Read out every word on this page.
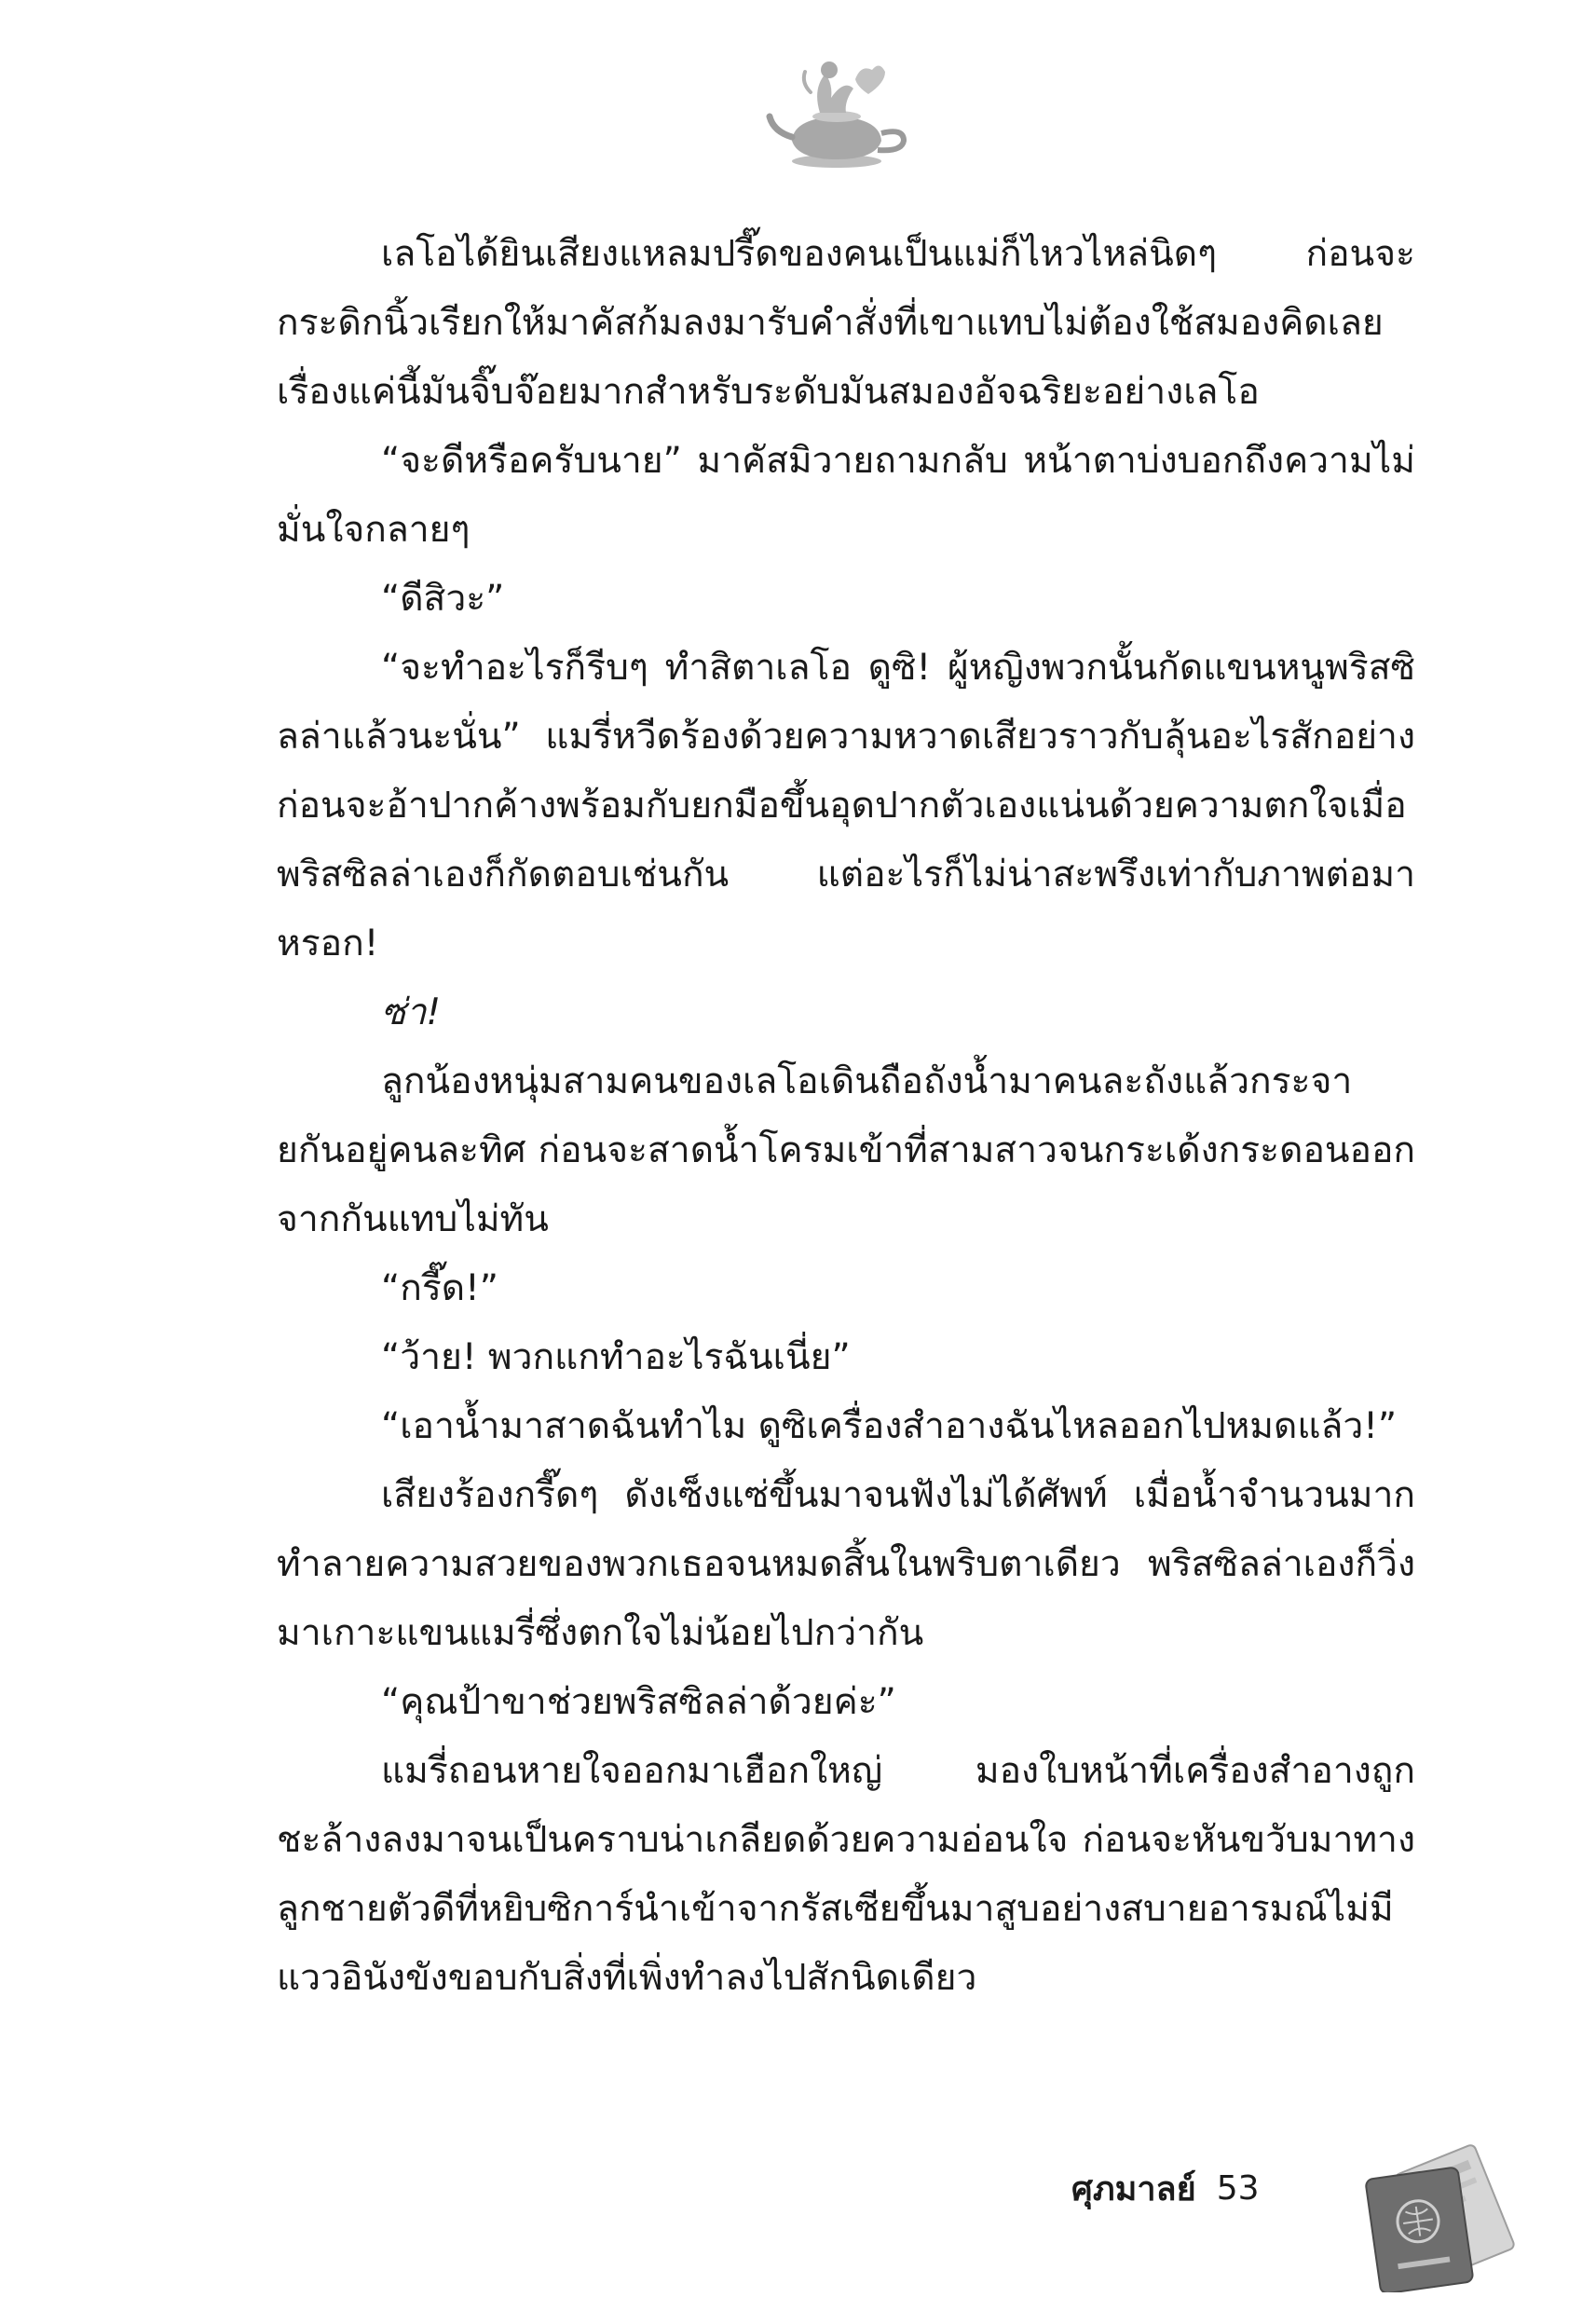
เลโอได้ยินเสียงแหลมปรี๊ดของคนเป็นแม่ก็ไหวไหล่นิดๆ ก่อนจะกระดิกนิ้วเรียกให้มาคัสก้มลงมารับคำสั่งที่เขาแทบไม่ต้องใช้สมองคิดเลย เรื่องแค่นี้มันจิ๊บจ๊อยมากสำหรับระดับมันสมองอัจฉริยะอย่างเลโอ

“จะดีหรือครับนาย” มาคัสมิวายถามกลับ หน้าตาบ่งบอกถึงความไม่มั่นใจกลายๆ

“ดีสิวะ”

“จะทำอะไรก็รีบๆ ทำสิตาเลโอ ดูซิ! ผู้หญิงพวกนั้นกัดแขนหนูพริสซิลล่าแล้วนะนั่น” แมรี่หวีดร้องด้วยความหวาดเสียวราวกับลุ้นอะไรสักอย่าง ก่อนจะอ้าปากค้างพร้อมกับยกมือขึ้นอุดปากตัวเองแน่นด้วยความตกใจเมื่อพริสซิลล่าเองก็กัดตอบเช่นกัน แต่อะไรก็ไม่น่าสะพรึงเท่ากับภาพต่อมาหรอก!

ซ่า!

ลูกน้องหนุ่มสามคนของเลโอเดินถือถังน้ำมาคนละถังแล้วกระจายกันอยู่คนละทิศ ก่อนจะสาดน้ำโครมเข้าที่สามสาวจนกระเด้งกระดอนออกจากกันแทบไม่ทัน

“กรี๊ด!”

“ว้าย! พวกแกทำอะไรฉันเนี่ย”

“เอาน้ำมาสาดฉันทำไม ดูซิเครื่องสำอางฉันไหลออกไปหมดแล้ว!”

เสียงร้องกรี๊ดๆ ดังเซ็งแซ่ขึ้นมาจนฟังไม่ได้ศัพท์ เมื่อน้ำจำนวนมากทำลายความสวยของพวกเธอจนหมดสิ้นในพริบตาเดียว พริสซิลล่าเองก็วิ่งมาเกาะแขนแมรี่ซึ่งตกใจไม่น้อยไปกว่ากัน

“คุณป้าขาช่วยพริสซิลล่าด้วยค่ะ”

แมรี่ถอนหายใจออกมาเฮือกใหญ่ มองใบหน้าที่เครื่องสำอางถูกชะล้างลงมาจนเป็นคราบน่าเกลียดด้วยความอ่อนใจ ก่อนจะหันขวับมาทางลูกชายตัวดีที่หยิบซิการ์นำเข้าจากรัสเซียขึ้นมาสูบอย่างสบายอารมณ์ไม่มีแววอินังขังขอบกับสิ่งที่เพิ่งทำลงไปสักนิดเดียว

ศุภมาลย์ 53
